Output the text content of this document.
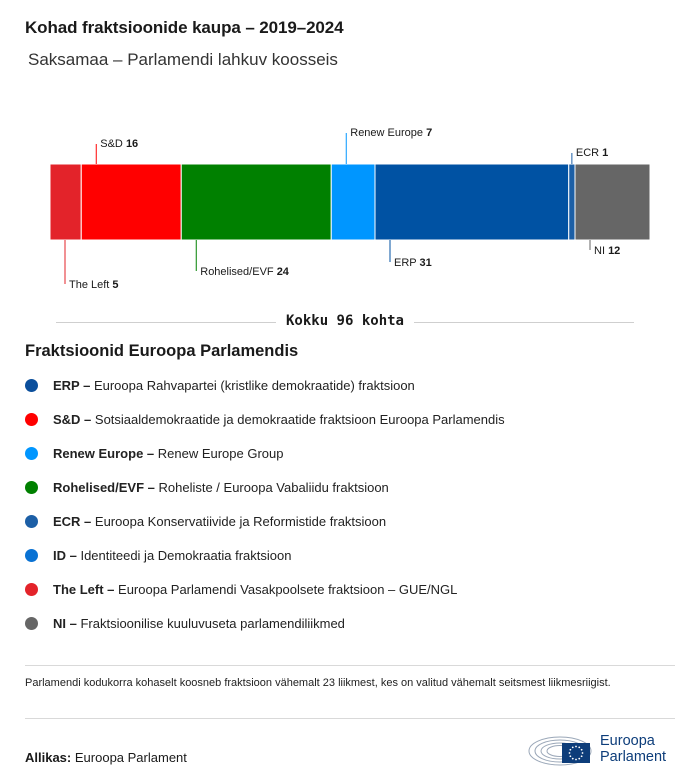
Kohad fraktsioonide kaupa – 2019–2024
Saksamaa – Parlamendi lahkuv koosseis
The Left 5
S&D 16
Rohelised/EVF 24
Renew Europe 7
ERP 31
ECR 1
NI 12
Kokku 96 kohta
Fraktsioonid Euroopa Parlamendis
ERP – Euroopa Rahvapartei (kristlike demokraatide) fraktsioon
S&D – Sotsiaaldemokraatide ja demokraatide fraktsioon Euroopa Parlamendis
Renew Europe – Renew Europe Group
Rohelised/EVF – Roheliste / Euroopa Vabaliidu fraktsioon
ECR – Euroopa Konservatiivide ja Reformistide fraktsioon
ID – Identiteedi ja Demokraatia fraktsioon
The Left – Euroopa Parlamendi Vasakpoolsete fraktsioon – GUE/NGL
NI – Fraktsioonilise kuuluvuseta parlamendiliikmed
Parlamendi kodukorra kohaselt koosneb fraktsioon vähemalt 23 liikmest, kes on valitud vähemalt seitsmest liikmesriigist.
Allikas: Euroopa Parlament
Euroopa
Parlament
